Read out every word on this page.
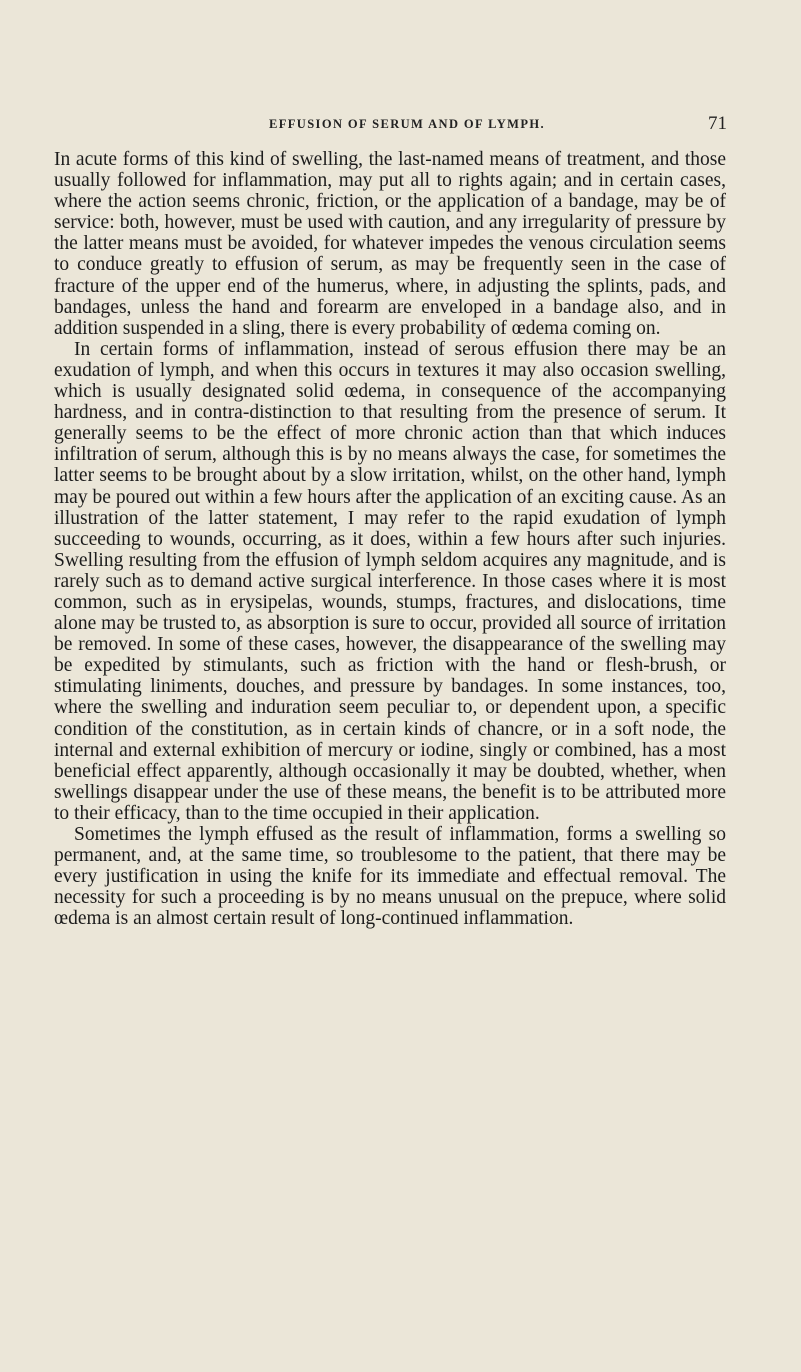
EFFUSION OF SERUM AND OF LYMPH.	71

In acute forms of this kind of swelling, the last-named means of treatment, and those usually followed for inflammation, may put all to rights again; and in certain cases, where the action seems chronic, friction, or the application of a bandage, may be of service: both, however, must be used with caution, and any irregularity of pressure by the latter means must be avoided, for whatever impedes the venous circulation seems to conduce greatly to effusion of serum, as may be frequently seen in the case of fracture of the upper end of the humerus, where, in adjusting the splints, pads, and bandages, unless the hand and forearm are enveloped in a bandage also, and in addition suspended in a sling, there is every probability of œdema coming on.

In certain forms of inflammation, instead of serous effusion there may be an exudation of lymph, and when this occurs in textures it may also occasion swelling, which is usually designated solid œdema, in consequence of the accompanying hardness, and in contra-distinction to that resulting from the presence of serum. It generally seems to be the effect of more chronic action than that which induces infiltration of serum, although this is by no means always the case, for sometimes the latter seems to be brought about by a slow irritation, whilst, on the other hand, lymph may be poured out within a few hours after the application of an exciting cause. As an illustration of the latter statement, I may refer to the rapid exudation of lymph succeeding to wounds, occurring, as it does, within a few hours after such injuries. Swelling resulting from the effusion of lymph seldom acquires any magnitude, and is rarely such as to demand active surgical interference. In those cases where it is most common, such as in erysipelas, wounds, stumps, fractures, and dislocations, time alone may be trusted to, as absorption is sure to occur, provided all source of irritation be removed. In some of these cases, however, the disappearance of the swelling may be expedited by stimulants, such as friction with the hand or flesh-brush, or stimulating liniments, douches, and pressure by bandages. In some instances, too, where the swelling and induration seem peculiar to, or dependent upon, a specific condition of the constitution, as in certain kinds of chancre, or in a soft node, the internal and external exhibition of mercury or iodine, singly or combined, has a most beneficial effect apparently, although occasionally it may be doubted, whether, when swellings disappear under the use of these means, the benefit is to be attributed more to their efficacy, than to the time occupied in their application.

Sometimes the lymph effused as the result of inflammation, forms a swelling so permanent, and, at the same time, so troublesome to the patient, that there may be every justification in using the knife for its immediate and effectual removal. The necessity for such a proceeding is by no means unusual on the prepuce, where solid œdema is an almost certain result of long-continued inflammation.
